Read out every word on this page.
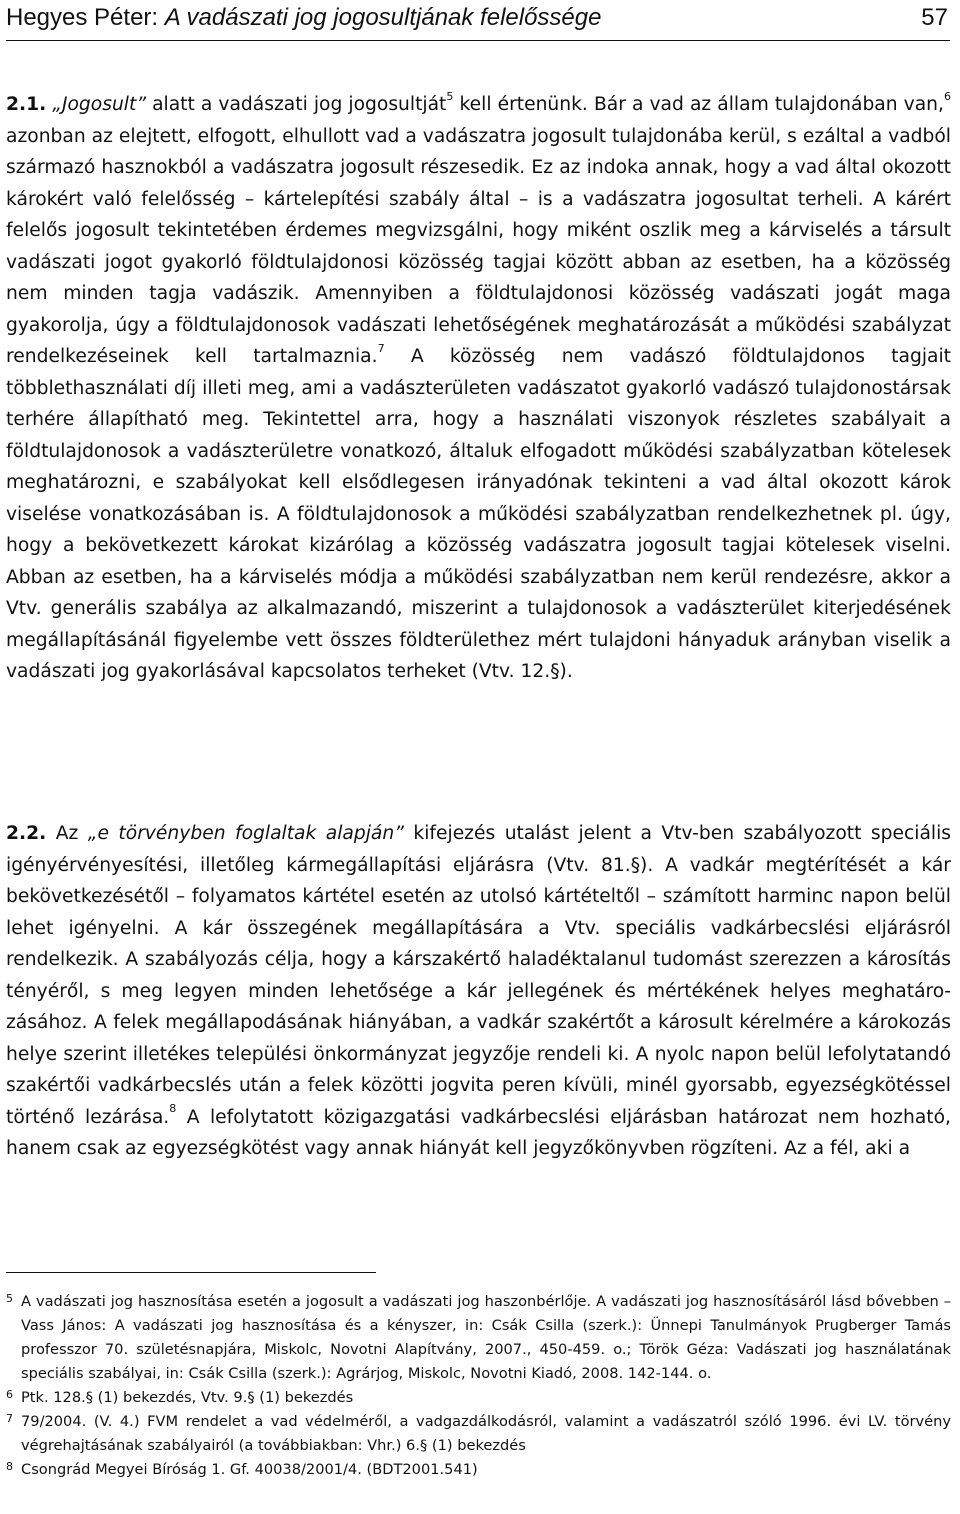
Hegyes Péter: A vadászati jog jogosultjának felelőssége	57
2.1. „Jogosult” alatt a vadászati jog jogosultját$^5$ kell értenünk. Bár a vad az állam tulajdonában van,$^6$ azonban az elejtett, elfogott, elhullott vad a vadászatra jogosult tulajdonába kerül, s ezáltal a vadból származó hasznokból a vadászatra jogosult részesedik. Ez az indoka annak, hogy a vad által okozott károkért való felelősség – kártelepítési szabály által – is a vadászatra jogosultat terheli. A kárért felelős jogosult tekintetében érdemes megvizsgálni, hogy miként oszlik meg a kárviselés a társult vadászati jogot gyakorló földtulajdonosi közösség tagjai között abban az esetben, ha a közösség nem minden tagja vadászik. Amennyiben a földtulajdonosi közösség vadászati jogát maga gyakorolja, úgy a földtulajdonosok vadászati lehetőségének meghatározását a működési szabályzat rendelkezéseinek kell tartalmaznia.$^7$ A közösség nem vadászó földtulajdonos tagjait többlethasználati díj illeti meg, ami a vadászterületen vadászatot gyakorló vadászó tulajdonostársak terhére állapítható meg. Tekintettel arra, hogy a használati viszonyok részletes szabályait a földtulajdonosok a vadászterületre vonatkozó, általuk elfogadott működési szabályzatban kötelesek meghatározni, e szabályokat kell elsődlegesen irányadónak tekinteni a vad által okozott károk viselése vonatkozásában is. A földtulajdonosok a működési szabályzatban rendelkezhetnek pl. úgy, hogy a bekövetkezett károkat kizárólag a közösség vadászatra jogosult tagjai kötelesek viselni. Abban az esetben, ha a kárviselés módja a működési szabályzatban nem kerül rendezésre, akkor a Vtv. generális szabálya az alkalmazandó, miszerint a tulajdonosok a vadászterület kiterjedésének megállapításánál figyelembe vett összes földterülethez mért tulajdoni hányaduk arányban viselik a vadászati jog gyakorlásával kapcsolatos terheket (Vtv. 12.§).
2.2. Az „e törvényben foglaltak alapján” kifejezés utalást jelent a Vtv-ben szabályozott speciális igényérvényesítési, illetőleg kármegállapítási eljárásra (Vtv. 81.§). A vadkár megtérítését a kár bekövetkezésétől – folyamatos kártétel esetén az utolsó kártételtől – számított harminc napon belül lehet igényelni. A kár összegének megállapítására a Vtv. speciális vadkárbecslési eljárásról rendelkezik. A szabályozás célja, hogy a kárszakértő haladéktalanul tudomást szerezzen a károsítás tényéről, s meg legyen minden lehetősége a kár jellegének és mértékének helyes meghatározásához. A felek megállapodásának hiányában, a vadkár szakértőt a károsult kérelmére a károkozás helye szerint illetékes települési önkormányzat jegyzője rendeli ki. A nyolc napon belül lefolytatandó szakértői vadkárbecslés után a felek közötti jogvita peren kívüli, minél gyorsabb, egyezségkötéssel történő lezárása.$^8$ A lefolytatott közigazgatási vadkárbecslési eljárásban határozat nem hozható, hanem csak az egyezségkötést vagy annak hiányát kell jegyzőkönyvben rögzíteni. Az a fél, aki a
5 A vadászati jog hasznosítása esetén a jogosult a vadászati jog haszonbérlője. A vadászati jog hasznosításáról lásd bővebben – Vass János: A vadászati jog hasznosítása és a kényszer, in: Csák Csilla (szerk.): Ünnepi Tanulmányok Prugberger Tamás professzor 70. születésnapjára, Miskolc, Novotni Alapítvány, 2007., 450-459. o.; Török Géza: Vadászati jog használatának speciális szabályai, in: Csák Csilla (szerk.): Agrárjog, Miskolc, Novotni Kiadó, 2008. 142-144. o.
6 Ptk. 128.§ (1) bekezdés, Vtv. 9.§ (1) bekezdés
7 79/2004. (V. 4.) FVM rendelet a vad védelméről, a vadgazdálkodásról, valamint a vadászatról szóló 1996. évi LV. törvény végrehajtásának szabályairól (a továbbiakban: Vhr.) 6.§ (1) bekezdés
8 Csongrád Megyei Bíróság 1. Gf. 40038/2001/4. (BDT2001.541)
